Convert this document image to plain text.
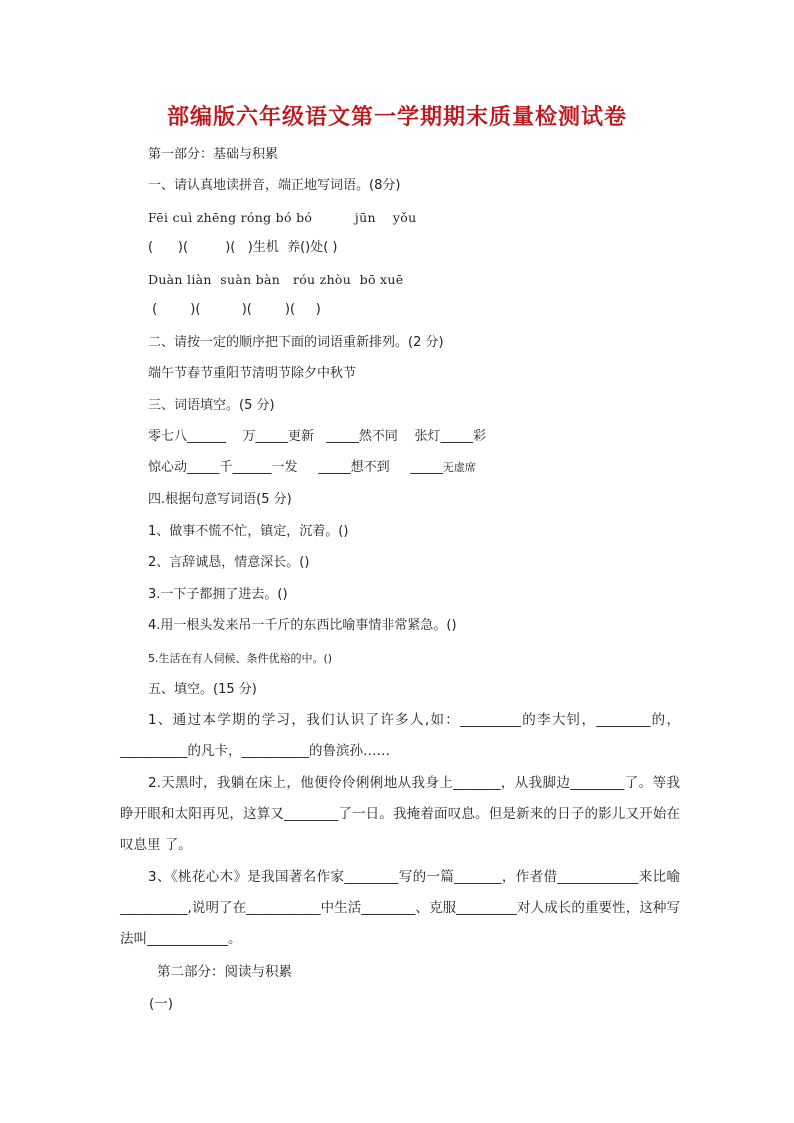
部编版六年级语文第一学期期末质量检测试卷
第一部分：基础与积累
一、请认真地读拼音，端正地写词语。(8分)
Fēi cuì zhēng róng bó bó          jūn    yǒu
(      )(         )(   )生机  养()处( )
Duàn liàn  suàn bàn   róu zhòu  bō xuē
(        )(          )(        )(     )
二、请按一定的顺序把下面的词语重新排列。(2 分)
端午节春节重阳节清明节除夕中秋节
三、词语填空。(5 分)
零七八______    万_____更新   _____然不同    张灯_____彩
惊心动_____千______一发     _____想不到     _____无虚席
四.根据句意写词语(5 分)
1、做事不慌不忙，镇定，沉着。()
2、言辞诚恳，情意深长。()
3.一下子都拥了进去。()
4.用一根头发来吊一千斤的东西比喻事情非常紧急。()
5.生活在有人伺候、条件优裕的中。()
五、填空。(15 分)
1、通过本学期的学习，我们认识了许多人,如：_________的李大钊，________的，__________的凡卡，__________的鲁滨孙……
2.天黑时，我躺在床上，他便伶伶俐俐地从我身上_______，从我脚边________了。等我睁开眼和太阳再见，这算又________了一日。我掩着面叹息。但是新来的日子的影儿又开始在叹息里 了。
3、《桃花心木》是我国著名作家________写的一篇_______，作者借____________来比喻__________,说明了在___________中生活________、克服_________对人成长的重要性，这种写法叫____________。
第二部分：阅读与积累
(一)
